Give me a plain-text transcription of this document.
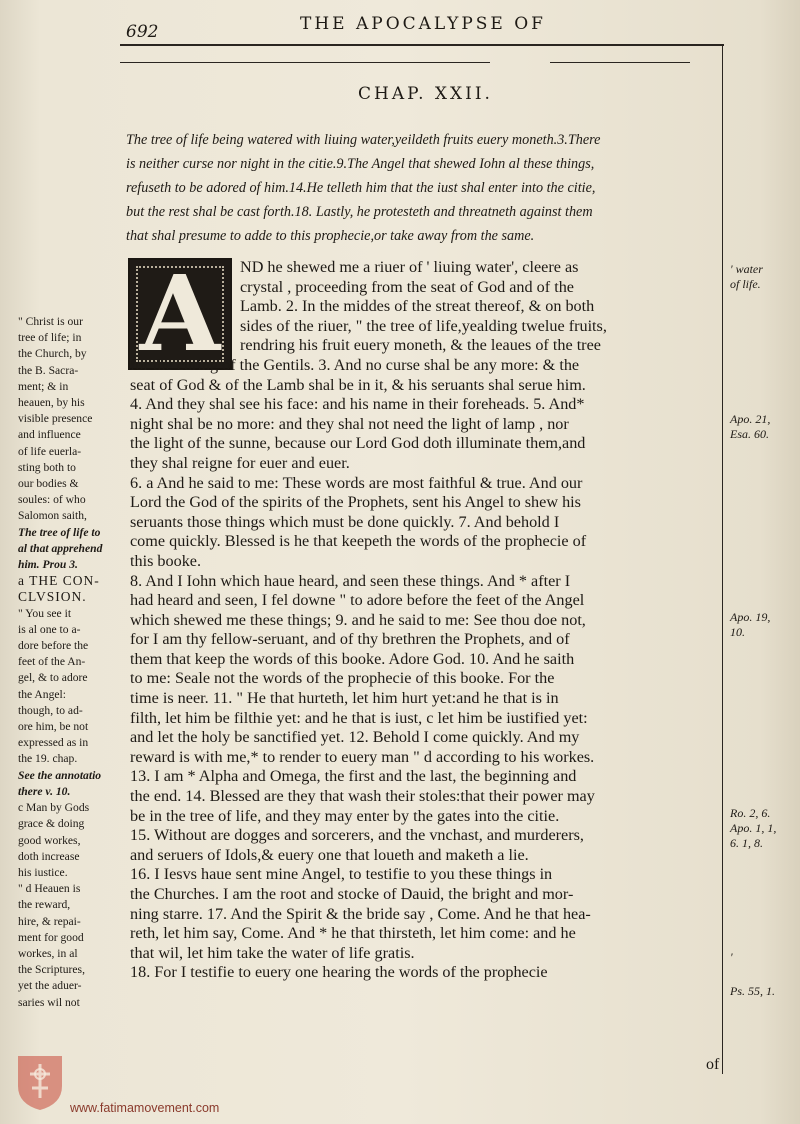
692	THE APOCALYPSE OF
CHAP. XXII.
The tree of life being watered with liuing water,yeildeth fruits euery moneth.3.There
is neither curse nor night in the citie.9.The Angel that shewed Iohn al these things,
refuseth to be adored of him.14.He telleth him that the iust shal enter into the citie,
but the rest shal be cast forth.18. Lastly, he protesteth and threatneth against them
that shal presume to adde to this prophecie,or take away from the same.
A	ND he shewed me a riuer of ' liuing water', cleere as
crystal , proceeding from the seat of God and of the
Lamb. 2. In the middes of the streat thereof, & on both
sides of the riuer, " the tree of life,yealding twelue fruits,
rendring his fruit euery moneth, & the leaues of the tree
for the curing of the Gentils. 3. And no curse shal be any more: & the
seat of God & of the Lamb shal be in it, & his seruants shal serue him.
4. And they shal see his face: and his name in their foreheads. 5. And*
night shal be no more: and they shal not need the light of lamp , nor
the light of the sunne, because our Lord God doth illuminate them,and
they shal reigne for euer and euer.
6. a And he said to me: These words are most faithful & true. And our
Lord the God of the spirits of the Prophets, sent his Angel to shew his
seruants those things which must be done quickly. 7. And behold I
come quickly. Blessed is he that keepeth the words of the prophecie of
this booke.
8. And I Iohn which haue heard, and seen these things. And * after I
had heard and seen, I fel downe " to adore before the feet of the Angel
which shewed me these things; 9. and he said to me: See thou doe not,
for I am thy fellow-seruant, and of thy brethren the Prophets, and of
them that keep the words of this booke. Adore God. 10. And he saith
to me: Seale not the words of the prophecie of this booke. For the
time is neer. 11. " He that hurteth, let him hurt yet:and he that is in
filth, let him be filthie yet: and he that is iust, c let him be iustified yet:
and let the holy be sanctified yet. 12. Behold I come quickly. And my
reward is with me,* to render to euery man " d according to his workes.
13. I am * Alpha and Omega, the first and the last, the beginning and
the end. 14. Blessed are they that wash their stoles:that their power may
be in the tree of life, and they may enter by the gates into the citie.
15. Without are dogges and sorcerers, and the vnchast, and murderers,
and seruers of Idols,& euery one that loueth and maketh a lie.
16. I Iesvs haue sent mine Angel, to testifie to you these things in
the Churches. I am the root and stocke of Dauid, the bright and mor-
ning starre. 17. And the Spirit & the bride say , Come. And he that hea-
reth, let him say, Come. And * he that thirsteth, let him come: and he
that wil, let him take the water of life gratis.
18. For I testifie to euery one hearing the words of the prophecie
" Christ is our
tree of life; in
the Church, by
the B. Sacra-
ment; & in
heauen, by his
visible presence
and influence
of life euerla-
sting both to
our bodies &
soules: of who
Salomon saith,
The tree of life to
al that apprehend
him. Prou 3.
a THE CON-
CLVSION.
" You see it
is al one to a-
dore before the
feet of the An-
gel, & to adore
the Angel:
though, to ad-
ore him, be not
expressed as in
the 19. chap.
See the annotatio
there v. 10.
c Man by Gods
grace & doing
good workes,
doth increase
his iustice.
" d Heauen is
the reward,
hire, & repai-
ment for good
workes, in al
the Scriptures,
yet the aduer-
saries wil not
' water
of life.
Apo. 21,
Esa. 60.
Apo. 19,
10.
Ro. 2, 6.
Apo. 1, 1,
6. 1, 8.
'
Ps. 55, 1.
of
www.fatimamovement.com
